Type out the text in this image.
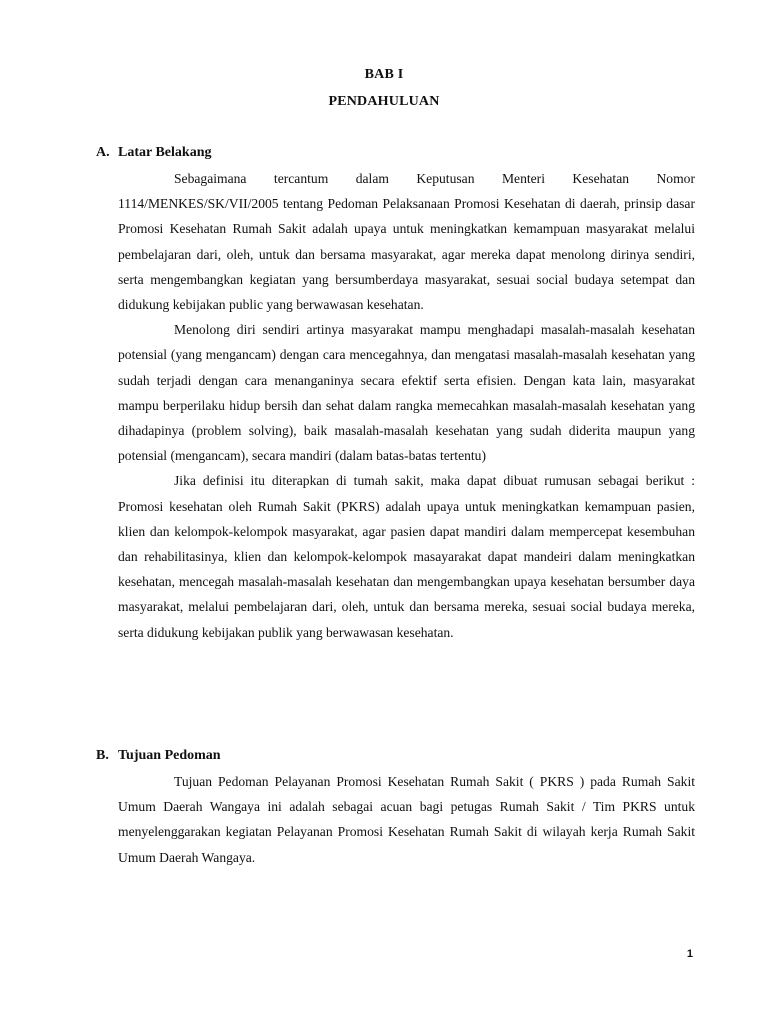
BAB I
PENDAHULUAN
A. Latar Belakang

Sebagaimana tercantum dalam Keputusan Menteri Kesehatan Nomor 1114/MENKES/SK/VII/2005 tentang Pedoman Pelaksanaan Promosi Kesehatan di daerah, prinsip dasar Promosi Kesehatan Rumah Sakit adalah upaya untuk meningkatkan kemampuan masyarakat melalui pembelajaran dari, oleh, untuk dan bersama masyarakat, agar mereka dapat menolong dirinya sendiri, serta mengembangkan kegiatan yang bersumberdaya masyarakat, sesuai social budaya setempat dan didukung kebijakan public yang berwawasan kesehatan.

Menolong diri sendiri artinya masyarakat mampu menghadapi masalah-masalah kesehatan potensial (yang mengancam) dengan cara mencegahnya, dan mengatasi masalah-masalah kesehatan yang sudah terjadi dengan cara menanganinya secara efektif serta efisien. Dengan kata lain, masyarakat mampu berperilaku hidup bersih dan sehat dalam rangka memecahkan masalah-masalah kesehatan yang dihadapinya (problem solving), baik masalah-masalah kesehatan yang sudah diderita maupun yang potensial (mengancam), secara mandiri (dalam batas-batas tertentu)

Jika definisi itu diterapkan di tumah sakit, maka dapat dibuat rumusan sebagai berikut : Promosi kesehatan oleh Rumah Sakit (PKRS) adalah upaya untuk meningkatkan kemampuan pasien, klien dan kelompok-kelompok masyarakat, agar pasien dapat mandiri dalam mempercepat kesembuhan dan rehabilitasinya, klien dan kelompok-kelompok masayarakat dapat mandeiri dalam meningkatkan kesehatan, mencegah masalah-masalah kesehatan dan mengembangkan upaya kesehatan bersumber daya masyarakat, melalui pembelajaran dari, oleh, untuk dan bersama mereka, sesuai social budaya mereka, serta didukung kebijakan publik yang berwawasan kesehatan.

B. Tujuan Pedoman

Tujuan Pedoman Pelayanan Promosi Kesehatan Rumah Sakit ( PKRS ) pada Rumah Sakit Umum Daerah Wangaya ini adalah sebagai acuan bagi petugas Rumah Sakit / Tim PKRS untuk menyelenggarakan kegiatan Pelayanan Promosi Kesehatan Rumah Sakit di wilayah kerja Rumah Sakit Umum Daerah Wangaya.

1
